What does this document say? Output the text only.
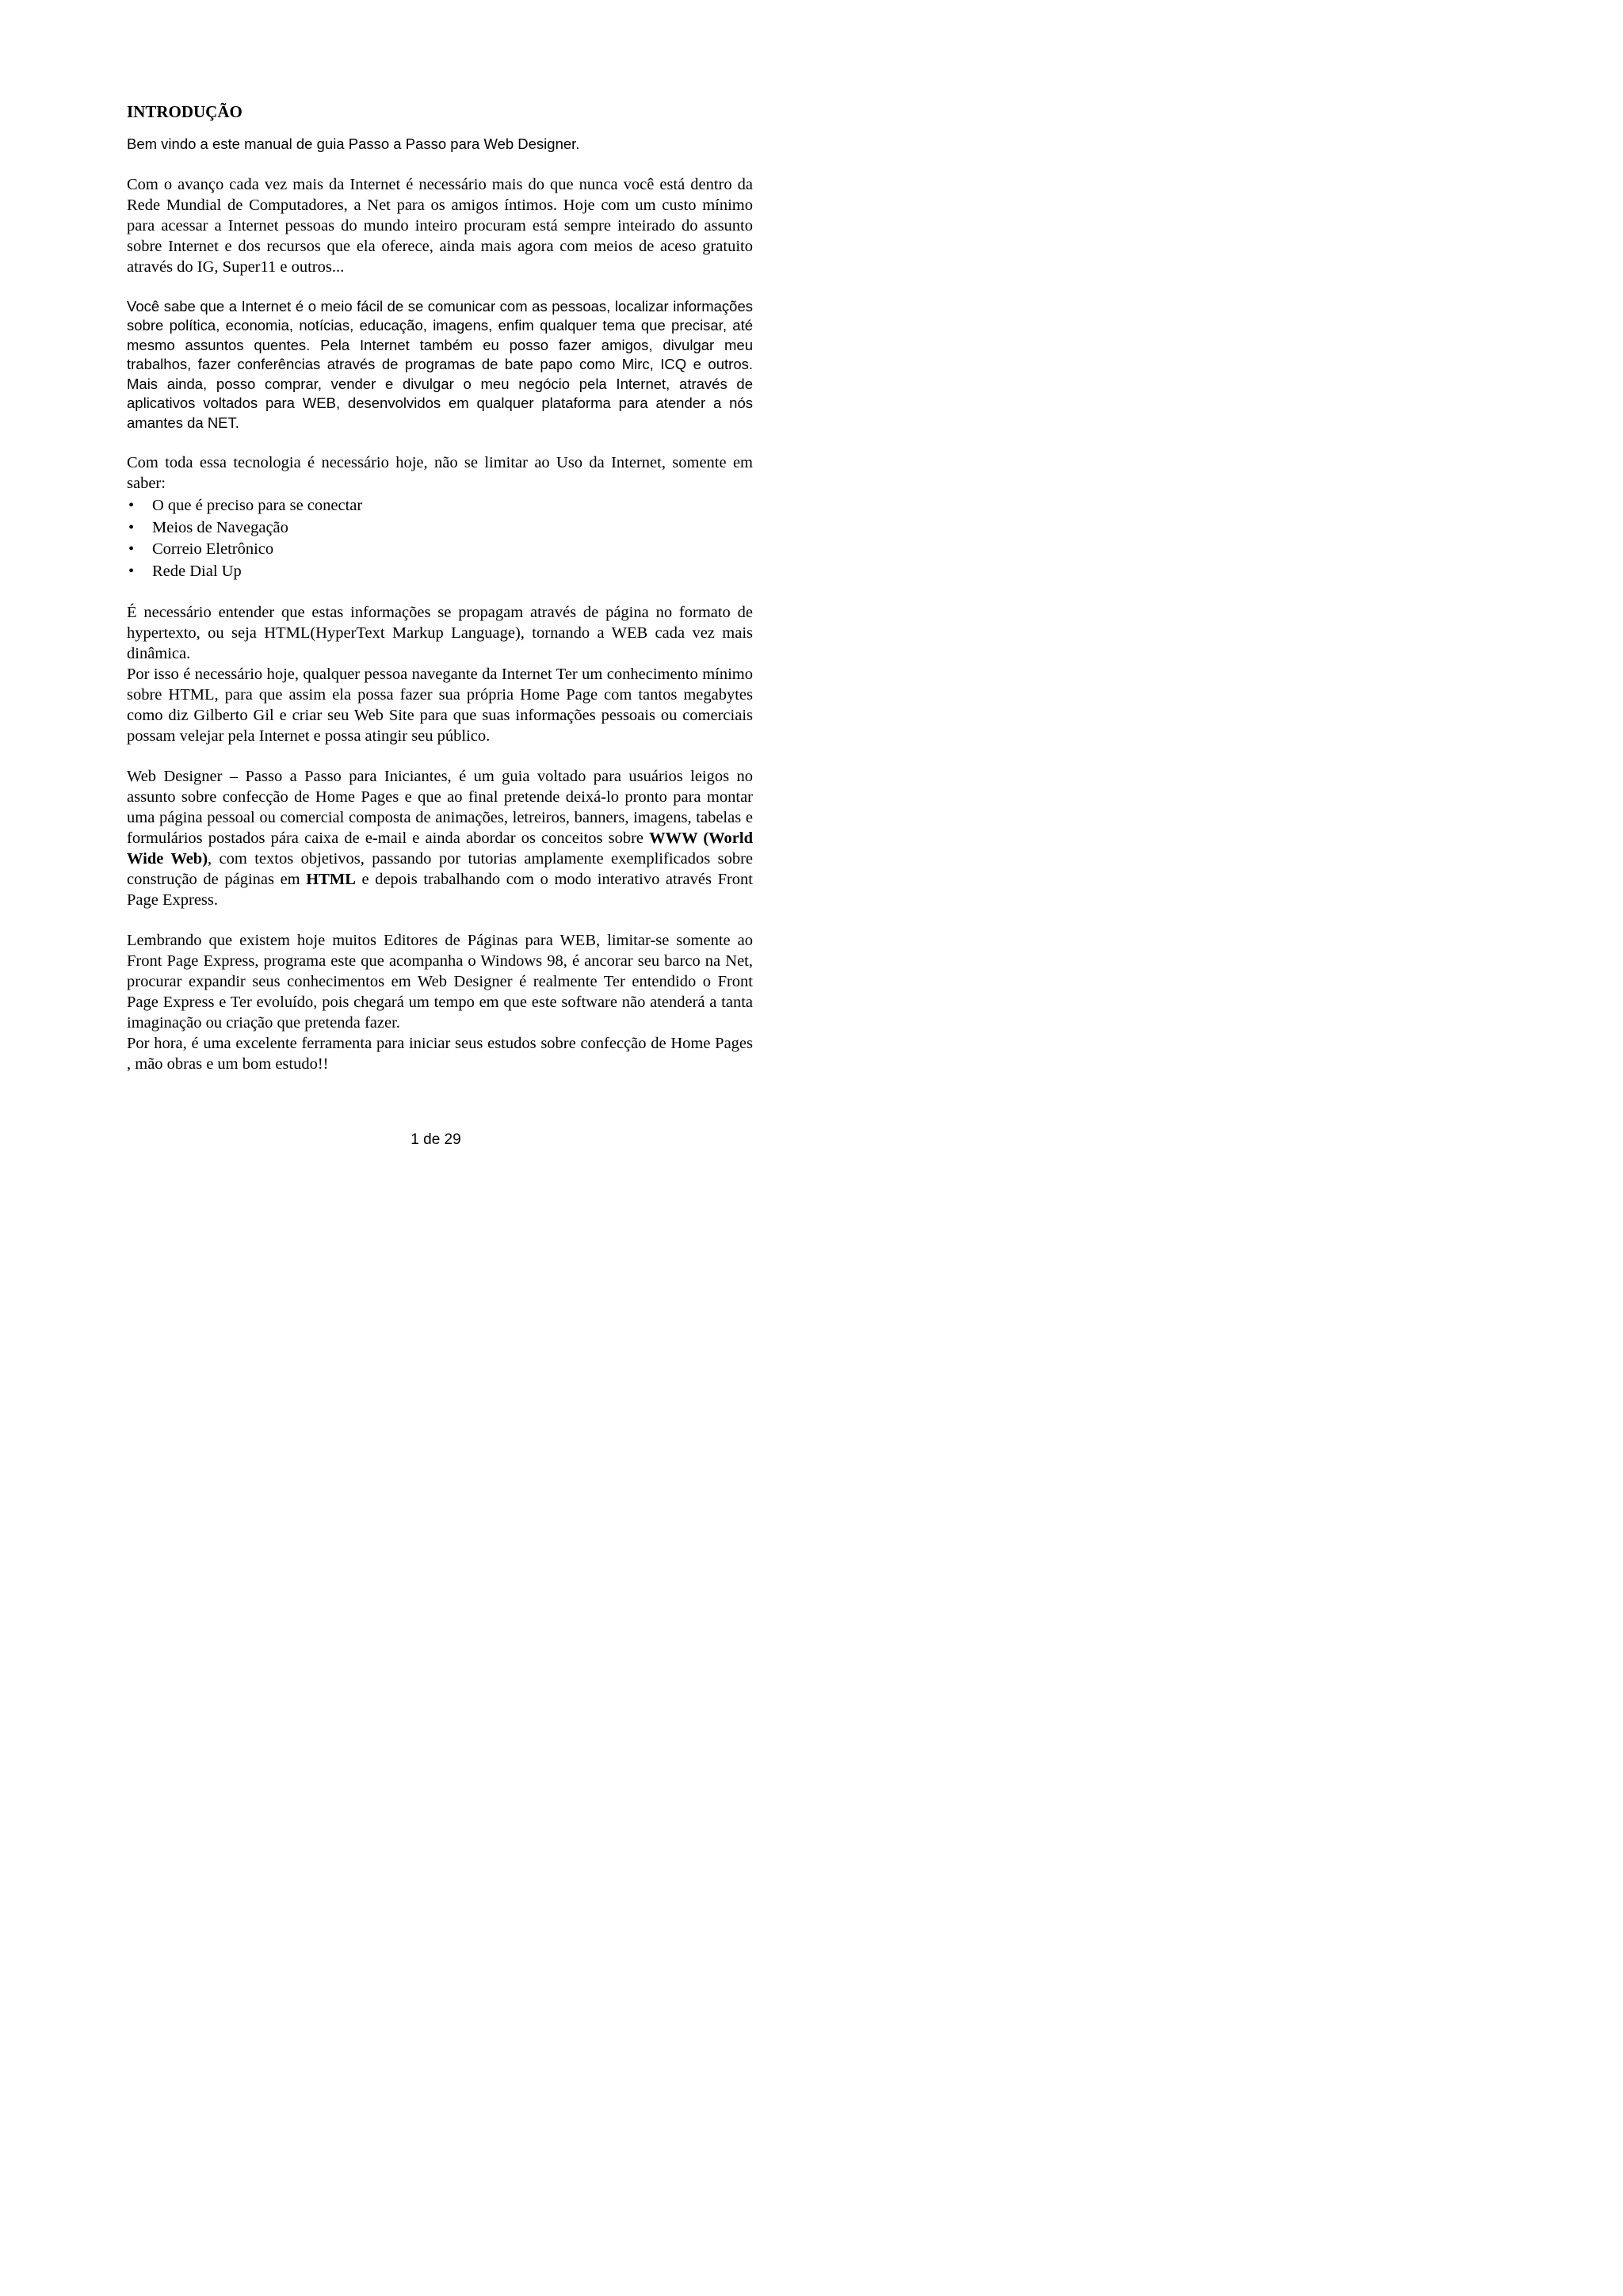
INTRODUÇÃO

Bem vindo a este manual de guia Passo a Passo para Web Designer.

Com o avanço cada vez mais da Internet é necessário mais do que nunca você está dentro da Rede Mundial de Computadores, a Net para os amigos íntimos. Hoje com um custo mínimo para acessar a Internet pessoas do mundo inteiro procuram está sempre inteirado do assunto sobre Internet e dos recursos que ela oferece, ainda mais agora com meios de aceso gratuito através do IG, Super11 e outros...

Você sabe que a Internet é o meio fácil de se comunicar com as pessoas, localizar informações sobre política, economia, notícias, educação, imagens, enfim qualquer tema que precisar, até mesmo assuntos quentes. Pela Internet também eu posso fazer amigos, divulgar meu trabalhos, fazer conferências através de programas de bate papo como Mirc, ICQ e outros. Mais ainda, posso comprar, vender e divulgar o meu negócio pela Internet, através de aplicativos voltados para WEB, desenvolvidos em qualquer plataforma para atender a nós amantes da NET.

Com toda essa tecnologia é necessário hoje, não se limitar ao Uso da Internet, somente em saber:

• O que é preciso para se conectar
• Meios de Navegação
• Correio Eletrônico
• Rede Dial Up

É necessário entender que estas informações se propagam através de página no formato de hypertexto, ou seja HTML(HyperText Markup Language), tornando a WEB cada vez mais dinâmica.

Por isso é necessário hoje, qualquer pessoa navegante da Internet Ter um conhecimento mínimo sobre HTML, para que assim ela possa fazer sua própria Home Page com tantos megabytes como diz Gilberto Gil e criar seu Web Site para que suas informações pessoais ou comerciais possam velejar pela Internet e possa atingir seu público.

Web Designer – Passo a Passo para Iniciantes, é um guia voltado para usuários leigos no assunto sobre confecção de Home Pages e que ao final pretende deixá-lo pronto para montar uma página pessoal ou comercial composta de animações, letreiros, banners, imagens, tabelas e formulários postados pára caixa de e-mail e ainda abordar os conceitos sobre WWW (World Wide Web), com textos objetivos, passando por tutorias amplamente exemplificados sobre construção de páginas em HTML e depois trabalhando com o modo interativo através Front Page Express.

Lembrando que existem hoje muitos Editores de Páginas para WEB, limitar-se somente ao Front Page Express, programa este que acompanha o Windows 98, é ancorar seu barco na Net, procurar expandir seus conhecimentos em Web Designer é realmente Ter entendido o Front Page Express e Ter evoluído, pois chegará um tempo em que este software não atenderá a tanta imaginação ou criação que pretenda fazer.

Por hora, é uma excelente ferramenta para iniciar seus estudos sobre confecção de Home Pages , mão obras e um bom estudo!!

1 de 29
